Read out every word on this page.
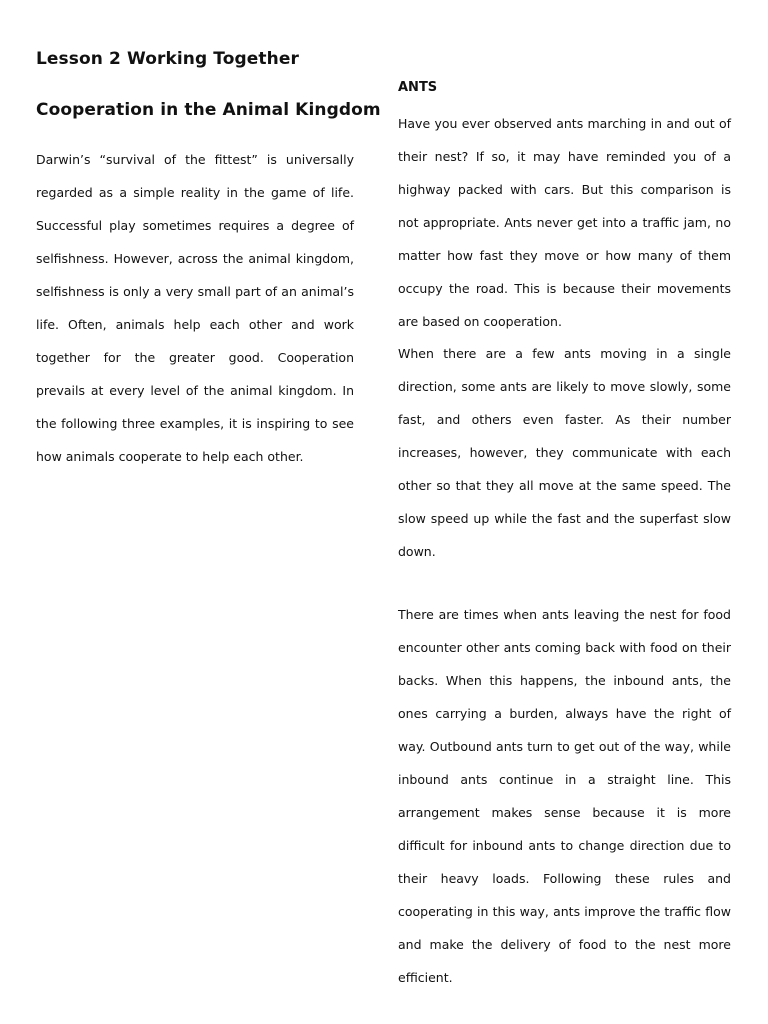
Lesson 2 Working Together
Cooperation in the Animal Kingdom

Darwin’s “survival of the fittest” is universally regarded as a simple reality in the game of life. Successful play sometimes requires a degree of selfishness. However, across the animal kingdom, selfishness is only a very small part of an animal’s life. Often, animals help each other and work together for the greater good. Cooperation prevails at every level of the animal kingdom. In the following three examples, it is inspiring to see how animals cooperate to help each other.

ANTS

Have you ever observed ants marching in and out of their nest? If so, it may have reminded you of a highway packed with cars. But this comparison is not appropriate. Ants never get into a traffic jam, no matter how fast they move or how many of them occupy the road. This is because their movements are based on cooperation.

When there are a few ants moving in a single direction, some ants are likely to move slowly, some fast, and others even faster. As their number increases, however, they communicate with each other so that they all move at the same speed. The slow speed up while the fast and the superfast slow down.

There are times when ants leaving the nest for food encounter other ants coming back with food on their backs. When this happens, the inbound ants, the ones carrying a burden, always have the right of way. Outbound ants turn to get out of the way, while inbound ants continue in a straight line. This arrangement makes sense because it is more difficult for inbound ants to change direction due to their heavy loads. Following these rules and cooperating in this way, ants improve the traffic flow and make the delivery of food to the nest more efficient.
